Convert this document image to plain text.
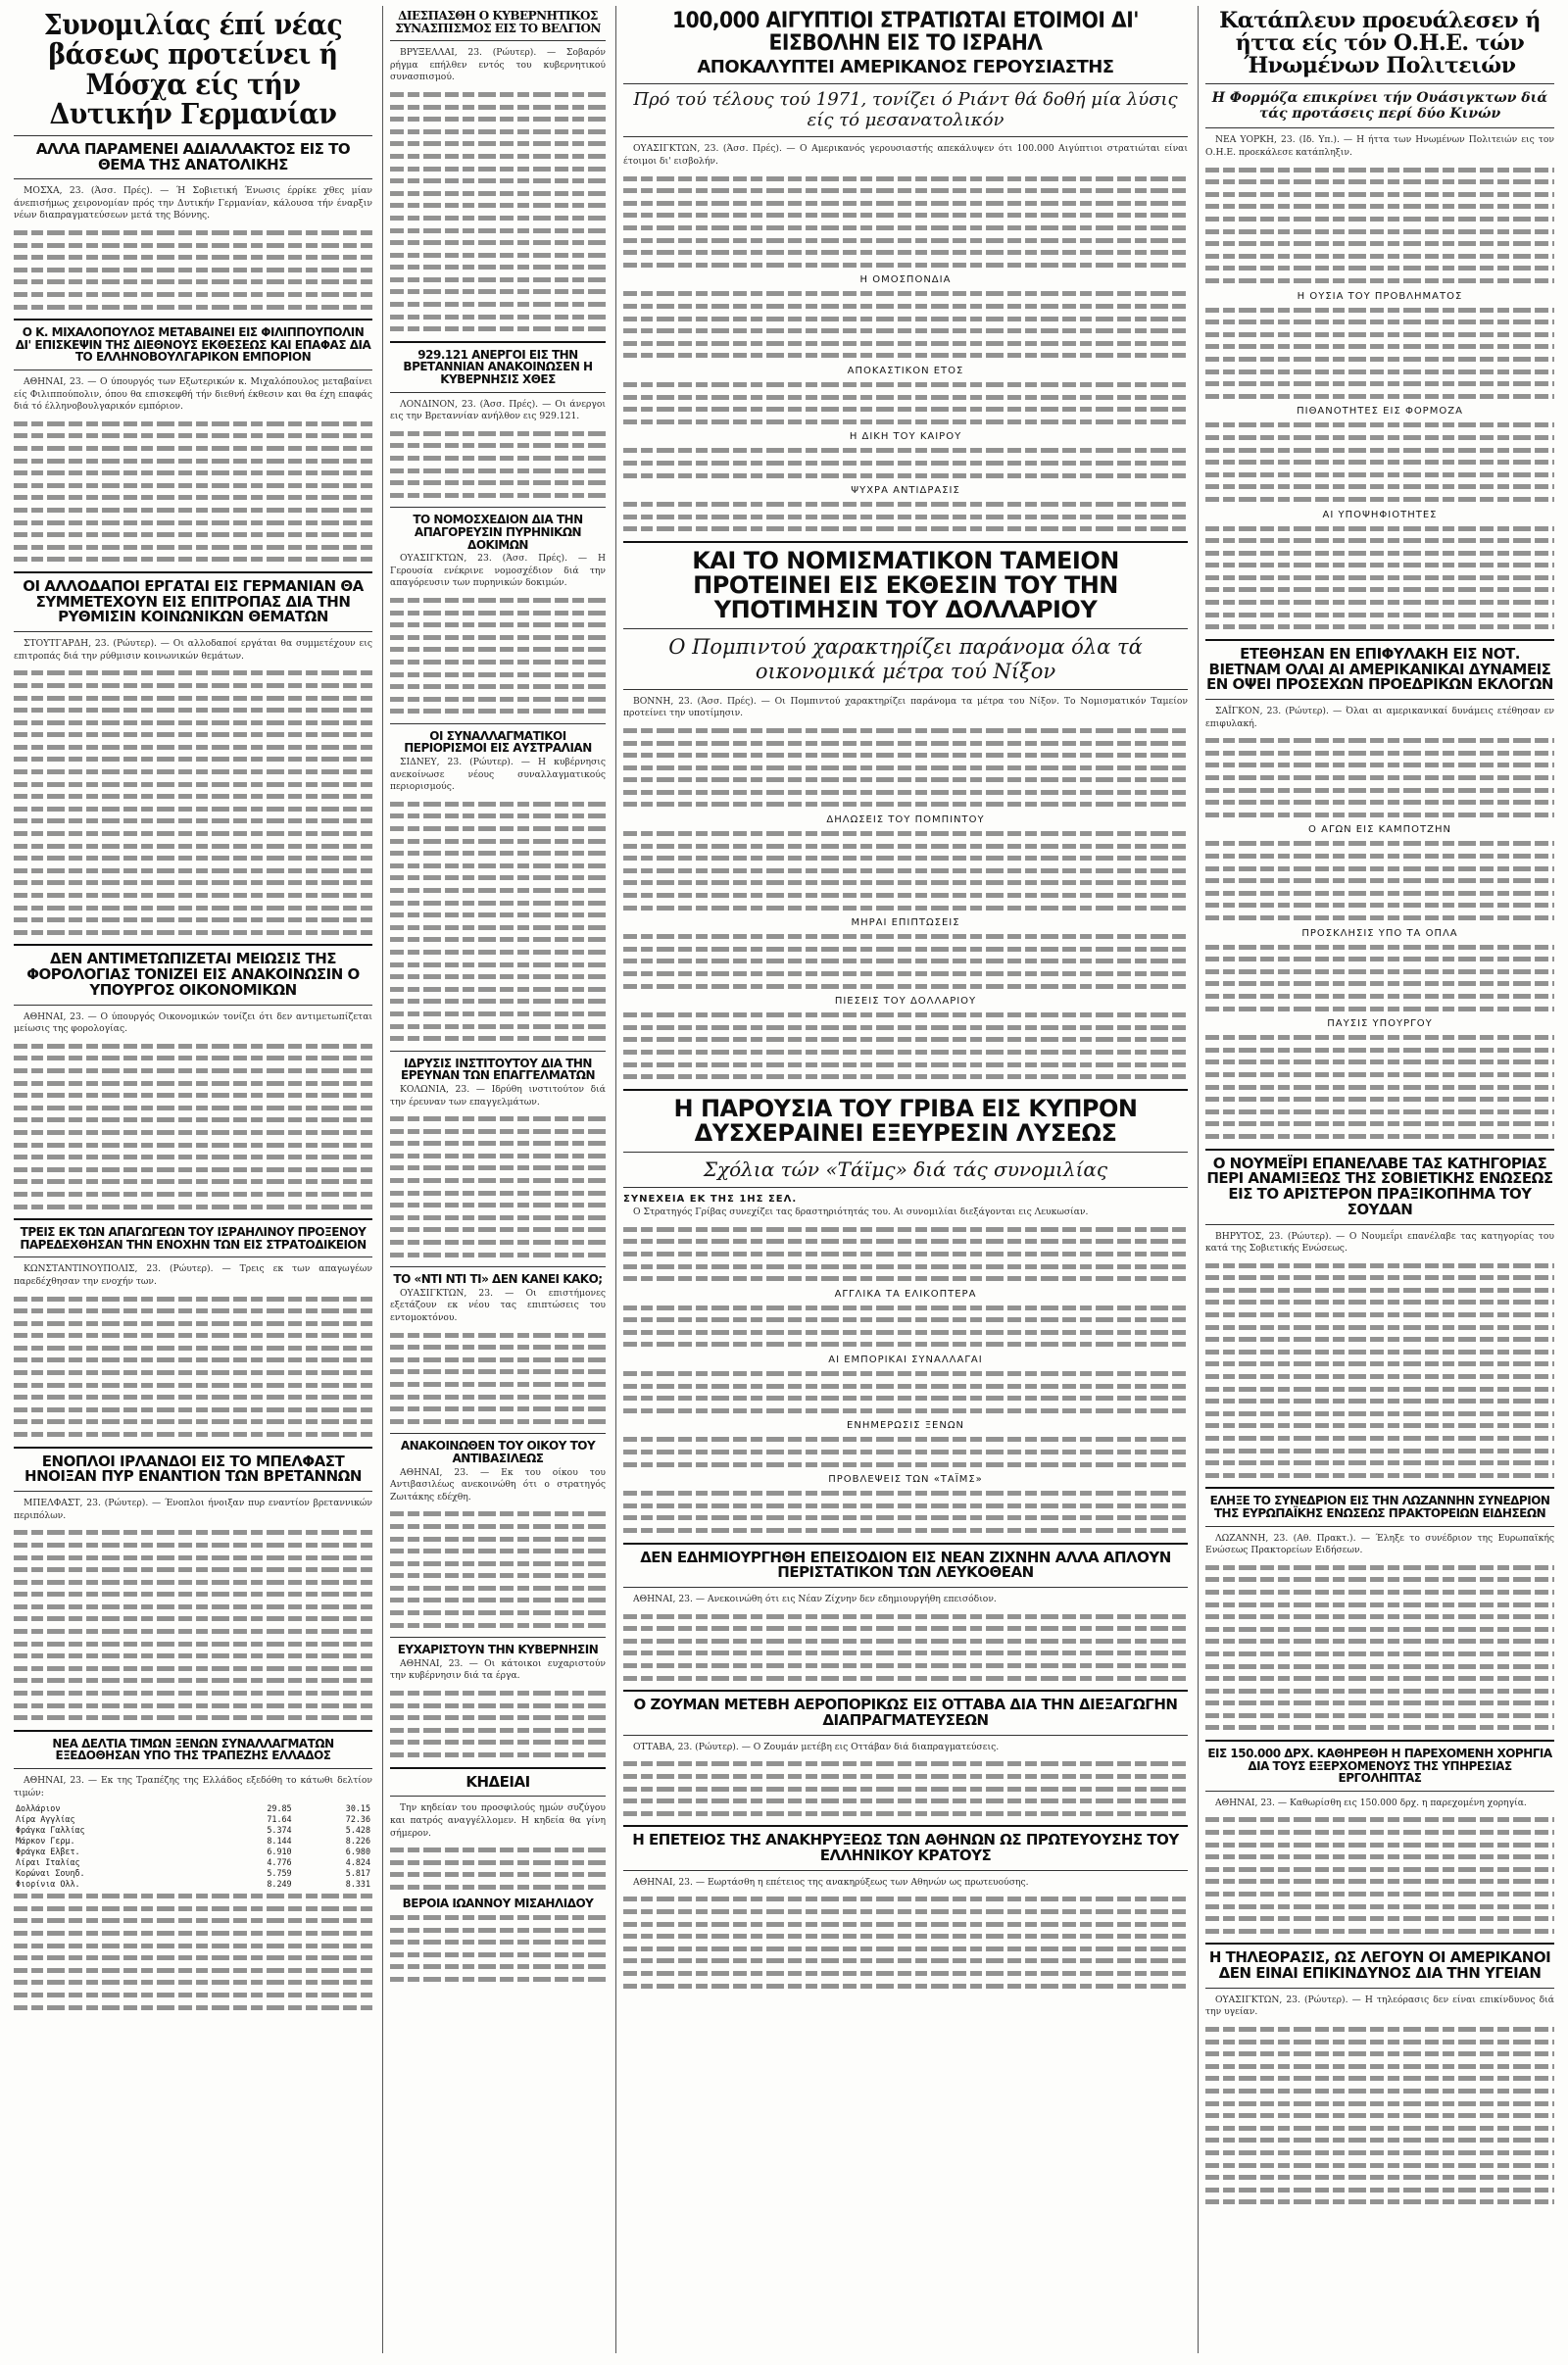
Συνομιλίας έπί νέας βάσεως προτείνει ή Μόσχα είς τήν Δυτικήν Γερμανίαν
ΑΛΛΑ ΠΑΡΑΜΕΝΕΙ ΑΔΙΑΛΛΑΚΤΟΣ ΕΙΣ ΤΟ ΘΕΜΑ ΤΗΣ ΑΝΑΤΟΛΙΚΗΣ

ΜΟΣΧΑ, 23. (Άσσ. Πρές). — Ή Σοβιετική Ένωσις έρρίκε χθες μίαν άνεπισήμως χειρονομίαν πρός την Δυτικήν Γερμανίαν, κάλουσα τήν έναρξιν νέων διαπραγματεύσεων μετά της Βόννης.

Ο Κ. ΜΙΧΑΛΟΠΟΥΛΟΣ ΜΕΤΑΒΑΙΝΕΙ ΕΙΣ ΦΙΛΙΠΠΟΥΠΟΛΙΝ ΔΙ' ΕΠΙΣΚΕΨΙΝ ΤΗΣ ΔΙΕΘΝΟΥΣ ΕΚΘΕΣΕΩΣ ΚΑΙ ΕΠΑΦΑΣ ΔΙΑ ΤΟ ΕΛΛΗΝΟΒΟΥΛΓΑΡΙΚΟΝ ΕΜΠΟΡΙΟΝ

ΑΘΗΝΑΙ, 23. — Ο ύπουργός των Εξωτερικών κ. Μιχαλόπουλος μεταβαίνει είς Φιλιππούπολιν, όπου θα επισκεφθή τήν διεθνή έκθεσιν και θα έχη επαφάς διά τό έλληνοβουλγαρικόν εμπόριον.

ΟΙ ΑΛΛΟΔΑΠΟΙ ΕΡΓΑΤΑΙ ΕΙΣ ΓΕΡΜΑΝΙΑΝ ΘΑ ΣΥΜΜΕΤΕΧΟΥΝ ΕΙΣ ΕΠΙΤΡΟΠΑΣ ΔΙΑ ΤΗΝ ΡΥΘΜΙΣΙΝ ΚΟΙΝΩΝΙΚΩΝ ΘΕΜΑΤΩΝ

ΣΤΟΥΤΓΑΡΔΗ, 23. (Ρώυτερ). — Οι αλλοδαποί εργάται θα συμμετέχουν εις επιτροπάς διά την ρύθμισιν κοινωνικών θεμάτων.

ΔΕΝ ΑΝΤΙΜΕΤΩΠΙΖΕΤΑΙ ΜΕΙΩΣΙΣ ΤΗΣ ΦΟΡΟΛΟΓΙΑΣ ΤΟΝΙΖΕΙ ΕΙΣ ΑΝΑΚΟΙΝΩΣΙΝ Ο ΥΠΟΥΡΓΟΣ ΟΙΚΟΝΟΜΙΚΩΝ

ΑΘΗΝΑΙ, 23. — Ο ύπουργός Οικονομικών τονίζει ότι δεν αντιμετωπίζεται μείωσις της φορολογίας.

ΤΡΕΙΣ ΕΚ ΤΩΝ ΑΠΑΓΩΓΕΩΝ ΤΟΥ ΙΣΡΑΗΛΙΝΟΥ ΠΡΟΞΕΝΟΥ ΠΑΡΕΔΕΧΘΗΣΑΝ ΤΗΝ ΕΝΟΧΗΝ ΤΩΝ ΕΙΣ ΣΤΡΑΤΟΔΙΚΕΙΟΝ

ΚΩΝΣΤΑΝΤΙΝΟΥΠΟΛΙΣ, 23. (Ρώυτερ). — Τρεις εκ των απαγωγέων παρεδέχθησαν την ενοχήν των.

ΕΝΟΠΛΟΙ ΙΡΛΑΝΔΟΙ ΕΙΣ ΤΟ ΜΠΕΛΦΑΣΤ ΗΝΟΙΞΑΝ ΠΥΡ ΕΝΑΝΤΙΟΝ ΤΩΝ ΒΡΕΤΑΝΝΩΝ

ΜΠΕΛΦΑΣΤ, 23. (Ρώυτερ). — Ένοπλοι ήνοιξαν πυρ εναντίον βρεταννικών περιπόλων.

ΝΕΑ ΔΕΛΤΙΑ ΤΙΜΩΝ ΞΕΝΩΝ ΣΥΝΑΛΛΑΓΜΑΤΩΝ ΕΞΕΔΟΘΗΣΑΝ ΥΠΟ ΤΗΣ ΤΡΑΠΕΖΗΣ ΕΛΛΑΔΟΣ

ΑΘΗΝΑΙ, 23. — Εκ της Τραπέζης της Ελλάδος εξεδόθη το κάτωθι δελτίον τιμών:

Δολλάριον	29.85	30.15
Λίρα Αγγλίας	71.64	72.36
Φράγκα Γαλλίας	5.374	5.428
Μάρκον Γερμ.	8.144	8.226
Φράγκα Ελβετ.	6.910	6.980
Λίραι Ιταλίας	4.776	4.824
Κορώναι Σουηδ.	5.759	5.817
Φιορίνια Ολλ.	8.249	8.331
ΔΙΕΣΠΑΣΘΗ Ο ΚΥΒΕΡΝΗΤΙΚΟΣ ΣΥΝΑΣΠΙΣΜΟΣ ΕΙΣ ΤΟ ΒΕΛΓΙΟΝ

ΒΡΥΞΕΛΛΑΙ, 23. (Ρώυτερ). — Σοβαρόν ρήγμα επήλθεν εντός του κυβερνητικού συνασπισμού.

929.121 ΑΝΕΡΓΟΙ ΕΙΣ ΤΗΝ ΒΡΕΤΑΝΝΙΑΝ ΑΝΑΚΟΙΝΩΣΕΝ Η ΚΥΒΕΡΝΗΣΙΣ ΧΘΕΣ

ΛΟΝΔΙΝΟΝ, 23. (Άσσ. Πρές). — Οι άνεργοι εις την Βρεταννίαν ανήλθον εις 929.121.

ΤΟ ΝΟΜΟΣΧΕΔΙΟΝ ΔΙΑ ΤΗΝ ΑΠΑΓΟΡΕΥΣΙΝ ΠΥΡΗΝΙΚΩΝ ΔΟΚΙΜΩΝ

ΟΥΑΣΙΓΚΤΩΝ, 23. (Άσσ. Πρές). — Η Γερουσία ενέκρινε νομοσχέδιον διά την απαγόρευσιν των πυρηνικών δοκιμών.

ΟΙ ΣΥΝΑΛΛΑΓΜΑΤΙΚΟΙ ΠΕΡΙΟΡΙΣΜΟΙ ΕΙΣ ΑΥΣΤΡΑΛΙΑΝ

ΣΙΔΝΕΥ, 23. (Ρώυτερ). — Η κυβέρνησις ανεκοίνωσε νέους συναλλαγματικούς περιορισμούς.

ΙΔΡΥΣΙΣ ΙΝΣΤΙΤΟΥΤΟΥ ΔΙΑ ΤΗΝ ΕΡΕΥΝΑΝ ΤΩΝ ΕΠΑΓΓΕΛΜΑΤΩΝ

ΚΟΛΩΝΙΑ, 23. — Ιδρύθη ινστιτούτον διά την έρευναν των επαγγελμάτων.

ΤΟ «ΝΤΙ ΝΤΙ ΤΙ» ΔΕΝ ΚΑΝΕΙ ΚΑΚΟ;

ΟΥΑΣΙΓΚΤΩΝ, 23. — Οι επιστήμονες εξετάζουν εκ νέου τας επιπτώσεις του εντομοκτόνου.

ΑΝΑΚΟΙΝΩΘΕΝ ΤΟΥ ΟΙΚΟΥ ΤΟΥ ΑΝΤΙΒΑΣΙΛΕΩΣ

ΑΘΗΝΑΙ, 23. — Εκ του οίκου του Αντιβασιλέως ανεκοινώθη ότι ο στρατηγός Ζωιτάκης εδέχθη.

ΕΥΧΑΡΙΣΤΟΥΝ ΤΗΝ ΚΥΒΕΡΝΗΣΙΝ

ΑΘΗΝΑΙ, 23. — Οι κάτοικοι ευχαριστούν την κυβέρνησιν διά τα έργα.

ΚΗΔΕΙΑΙ

Την κηδείαν του προσφιλούς ημών συζύγου και πατρός αναγγέλλομεν. Η κηδεία θα γίνη σήμερον.

ΒΕΡΟΙΑ ΙΩΑΝΝΟΥ ΜΙΣΑΗΛΙΔΟΥ
100,000 ΑΙΓΥΠΤΙΟΙ ΣΤΡΑΤΙΩΤΑΙ ΕΤΟΙΜΟΙ ΔΙ' ΕΙΣΒΟΛΗΝ ΕΙΣ ΤΟ ΙΣΡΑΗΛ
ΑΠΟΚΑΛΥΠΤΕΙ ΑΜΕΡΙΚΑΝΟΣ ΓΕΡΟΥΣΙΑΣΤΗΣ
Πρό τού τέλους τού 1971, τονίζει ό Ριάντ θά δοθή μία λύσις είς τό μεσανατολικόν

ΟΥΑΣΙΓΚΤΩΝ, 23. (Άσσ. Πρές). — Ο Αμερικανός γερουσιαστής απεκάλυψεν ότι 100.000 Αιγύπτιοι στρατιώται είναι έτοιμοι δι' εισβολήν.

Η ΟΜΟΣΠΟΝΔΙΑ
ΑΠΟΚΑΣΤΙΚΟΝ ΕΤΟΣ
Η ΔΙΚΗ ΤΟΥ ΚΑΙΡΟΥ
ΨΥΧΡΑ ΑΝΤΙΔΡΑΣΙΣ
ΚΑΙ ΤΟ ΝΟΜΙΣΜΑΤΙΚΟΝ ΤΑΜΕΙΟΝ ΠΡΟΤΕΙΝΕΙ ΕΙΣ ΕΚΘΕΣΙΝ ΤΟΥ ΤΗΝ ΥΠΟΤΙΜΗΣΙΝ ΤΟΥ ΔΟΛΛΑΡΙΟΥ
Ο Πομπιντού χαρακτηρίζει παράνομα όλα τά οικονομικά μέτρα τού Νίξον

ΒΟΝΝΗ, 23. (Άσσ. Πρές). — Οι Πομπιντού χαρακτηρίζει παράνομα τα μέτρα του Νίξον. Το Νομισματικόν Ταμείον προτείνει την υποτίμησιν.

ΔΗΛΩΣΕΙΣ ΤΟΥ ΠΟΜΠΙΝΤΟΥ
ΜΗΡΑΙ ΕΠΙΠΤΩΣΕΙΣ
ΠΙΕΣΕΙΣ ΤΟΥ ΔΟΛΛΑΡΙΟΥ
Η ΠΑΡΟΥΣΙΑ ΤΟΥ ΓΡΙΒΑ ΕΙΣ ΚΥΠΡΟΝ ΔΥΣΧΕΡΑΙΝΕΙ ΕΞΕΥΡΕΣΙΝ ΛΥΣΕΩΣ
Σχόλια τών «Τάϊμς» διά τάς συνομιλίας
ΣΥΝΕΧΕΙΑ ΕΚ ΤΗΣ 1ΗΣ ΣΕΛ.

Ο Στρατηγός Γρίβας συνεχίζει τας δραστηριότητάς του. Αι συνομιλίαι διεξάγονται εις Λευκωσίαν.

ΑΓΓΛΙΚΑ ΤΑ ΕΛΙΚΟΠΤΕΡΑ
ΑΙ ΕΜΠΟΡΙΚΑΙ ΣΥΝΑΛΛΑΓΑΙ
ΕΝΗΜΕΡΩΣΙΣ ΞΕΝΩΝ
ΠΡΟΒΛΕΨΕΙΣ ΤΩΝ «ΤΑΪΜΣ»
ΔΕΝ ΕΔΗΜΙΟΥΡΓΗΘΗ ΕΠΕΙΣΟΔΙΟΝ ΕΙΣ ΝΕΑΝ ΖΙΧΝΗΝ ΑΛΛΑ ΑΠΛΟΥΝ ΠΕΡΙΣΤΑΤΙΚΟΝ ΤΩΝ ΛΕΥΚΟΘΕΑΝ

ΑΘΗΝΑΙ, 23. — Ανεκοινώθη ότι εις Νέαν Ζίχνην δεν εδημιουργήθη επεισόδιον.

Ο ΖΟΥΜΑΝ ΜΕΤΕΒΗ ΑΕΡΟΠΟΡΙΚΩΣ ΕΙΣ ΟΤΤΑΒΑ ΔΙΑ ΤΗΝ ΔΙΕΞΑΓΩΓΗΝ ΔΙΑΠΡΑΓΜΑΤΕΥΣΕΩΝ

ΟΤΤΑΒΑ, 23. (Ρώυτερ). — Ο Ζουμάν μετέβη εις Οττάβαν διά διαπραγματεύσεις.

Η ΕΠΕΤΕΙΟΣ ΤΗΣ ΑΝΑΚΗΡΥΞΕΩΣ ΤΩΝ ΑΘΗΝΩΝ ΩΣ ΠΡΩΤΕΥΟΥΣΗΣ ΤΟΥ ΕΛΛΗΝΙΚΟΥ ΚΡΑΤΟΥΣ

ΑΘΗΝΑΙ, 23. — Εωρτάσθη η επέτειος της ανακηρύξεως των Αθηνών ως πρωτευούσης.

Κατάπλευν προευάλεσεν ή ήττα είς τόν Ο.Η.Ε. τών Ήνωμένων Πολιτειών
Η Φορμόζα επικρίνει τήν Ουάσιγκτων διά τάς προτάσεις περί δύο Κινών

ΝΕΑ ΥΟΡΚΗ, 23. (Ιδ. Υπ.). — Η ήττα των Ηνωμένων Πολιτειών εις τον Ο.Η.Ε. προεκάλεσε κατάπληξιν.

Η ΟΥΣΙΑ ΤΟΥ ΠΡΟΒΛΗΜΑΤΟΣ
ΠΙΘΑΝΟΤΗΤΕΣ ΕΙΣ ΦΟΡΜΟΖΑ
ΑΙ ΥΠΟΨΗΦΙΟΤΗΤΕΣ
ΕΤΕΘΗΣΑΝ ΕΝ ΕΠΙΦΥΛΑΚΗ ΕΙΣ ΝΟΤ. ΒΙΕΤΝΑΜ ΟΛΑΙ ΑΙ ΑΜΕΡΙΚΑΝΙΚΑΙ ΔΥΝΑΜΕΙΣ ΕΝ ΟΨΕΙ ΠΡΟΣΕΧΩΝ ΠΡΟΕΔΡΙΚΩΝ ΕΚΛΟΓΩΝ

ΣΑΪΓΚΟΝ, 23. (Ρώυτερ). — Όλαι αι αμερικανικαί δυνάμεις ετέθησαν εν επιφυλακή.

Ο ΑΓΩΝ ΕΙΣ ΚΑΜΠΟΤΖΗΝ
ΠΡΟΣΚΛΗΣΙΣ ΥΠΟ ΤΑ ΟΠΛΑ
ΠΑΥΣΙΣ ΥΠΟΥΡΓΟΥ
Ο ΝΟΥΜΕΪΡΙ ΕΠΑΝΕΛΑΒΕ ΤΑΣ ΚΑΤΗΓΟΡΙΑΣ ΠΕΡΙ ΑΝΑΜΙΞΕΩΣ ΤΗΣ ΣΟΒΙΕΤΙΚΗΣ ΕΝΩΣΕΩΣ ΕΙΣ ΤΟ ΑΡΙΣΤΕΡΟΝ ΠΡΑΞΙΚΟΠΗΜΑ ΤΟΥ ΣΟΥΔΑΝ

ΒΗΡΥΤΟΣ, 23. (Ρώυτερ). — Ο Νουμεΐρι επανέλαβε τας κατηγορίας του κατά της Σοβιετικής Ενώσεως.

ΕΛΗΞΕ ΤΟ ΣΥΝΕΔΡΙΟΝ ΕΙΣ ΤΗΝ ΛΩΖΑΝΝΗΝ ΣΥΝΕΔΡΙΟΝ ΤΗΣ ΕΥΡΩΠΑΪΚΗΣ ΕΝΩΣΕΩΣ ΠΡΑΚΤΟΡΕΙΩΝ ΕΙΔΗΣΕΩΝ

ΛΩΖΑΝΝΗ, 23. (Αθ. Πρακτ.). — Έληξε το συνέδριον της Ευρωπαϊκής Ενώσεως Πρακτορείων Ειδήσεων.

ΕΙΣ 150.000 ΔΡΧ. ΚΑΘΗΡΕΘΗ Η ΠΑΡΕΧΟΜΕΝΗ ΧΟΡΗΓΙΑ ΔΙΑ ΤΟΥΣ ΕΞΕΡΧΟΜΕΝΟΥΣ ΤΗΣ ΥΠΗΡΕΣΙΑΣ ΕΡΓΟΛΗΠΤΑΣ

ΑΘΗΝΑΙ, 23. — Καθωρίσθη εις 150.000 δρχ. η παρεχομένη χορηγία.

Η ΤΗΛΕΟΡΑΣΙΣ, ΩΣ ΛΕΓΟΥΝ ΟΙ ΑΜΕΡΙΚΑΝΟΙ ΔΕΝ ΕΙΝΑΙ ΕΠΙΚΙΝΔΥΝΟΣ ΔΙΑ ΤΗΝ ΥΓΕΙΑΝ

ΟΥΑΣΙΓΚΤΩΝ, 23. (Ρώυτερ). — Η τηλεόρασις δεν είναι επικίνδυνος διά την υγείαν.
